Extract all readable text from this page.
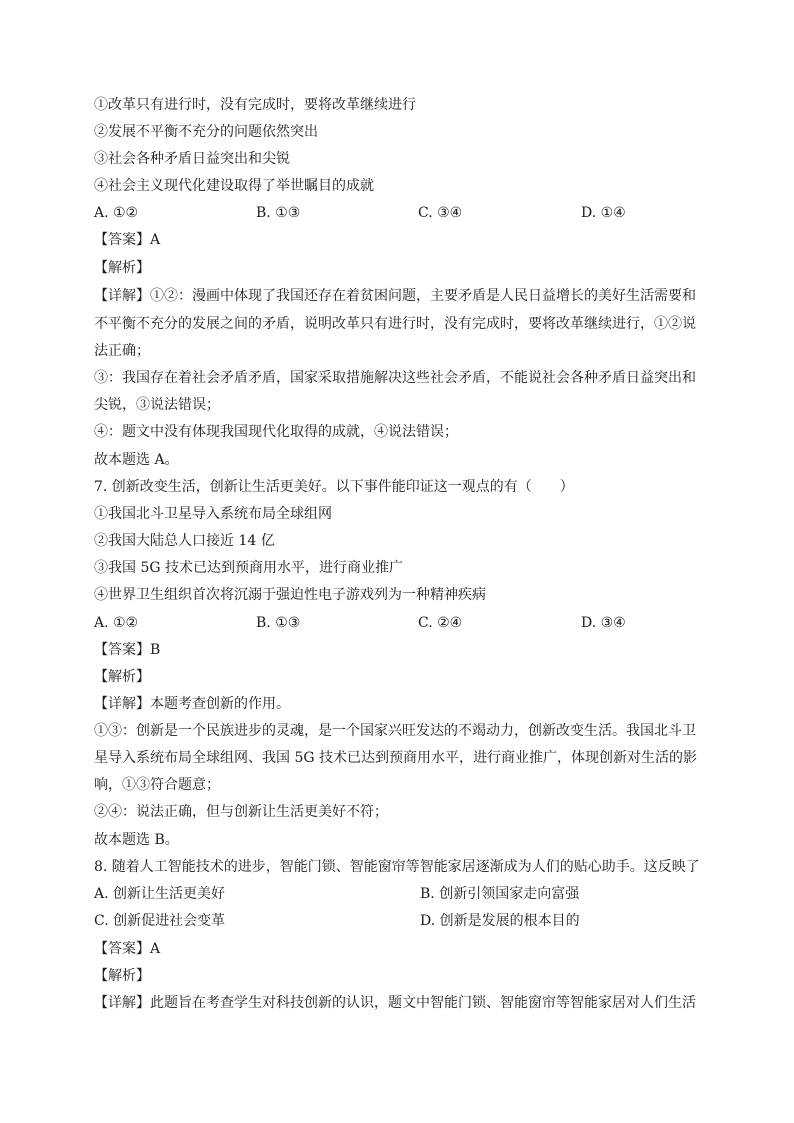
①改革只有进行时，没有完成时，要将改革继续进行
②发展不平衡不充分的问题依然突出
③社会各种矛盾日益突出和尖锐
④社会主义现代化建设取得了举世瞩目的成就
A. ①②	B. ①③	C. ③④	D. ①④
【答案】A
【解析】
【详解】①②：漫画中体现了我国还存在着贫困问题，主要矛盾是人民日益增长的美好生活需要和
不平衡不充分的发展之间的矛盾，说明改革只有进行时，没有完成时，要将改革继续进行，①②说
法正确；
③：我国存在着社会矛盾矛盾，国家采取措施解决这些社会矛盾，不能说社会各种矛盾日益突出和
尖锐，③说法错误；
④：题文中没有体现我国现代化取得的成就，④说法错误；
故本题选 A。
7. 创新改变生活，创新让生活更美好。以下事件能印证这一观点的有（　　）
①我国北斗卫星导入系统布局全球组网
②我国大陆总人口接近 14 亿
③我国 5G 技术已达到预商用水平，进行商业推广
④世界卫生组织首次将沉溺于强迫性电子游戏列为一种精神疾病
A. ①②	B. ①③	C. ②④	D. ③④
【答案】B
【解析】
【详解】本题考查创新的作用。
①③：创新是一个民族进步的灵魂，是一个国家兴旺发达的不竭动力，创新改变生活。我国北斗卫
星导入系统布局全球组网、我国 5G 技术已达到预商用水平，进行商业推广，体现创新对生活的影
响，①③符合题意；
②④：说法正确，但与创新让生活更美好不符；
故本题选 B。
8. 随着人工智能技术的进步，智能门锁、智能窗帘等智能家居逐渐成为人们的贴心助手。这反映了
A. 创新让生活更美好	B. 创新引领国家走向富强
C. 创新促进社会变革	D. 创新是发展的根本目的
【答案】A
【解析】
【详解】此题旨在考查学生对科技创新的认识，题文中智能门锁、智能窗帘等智能家居对人们生活
